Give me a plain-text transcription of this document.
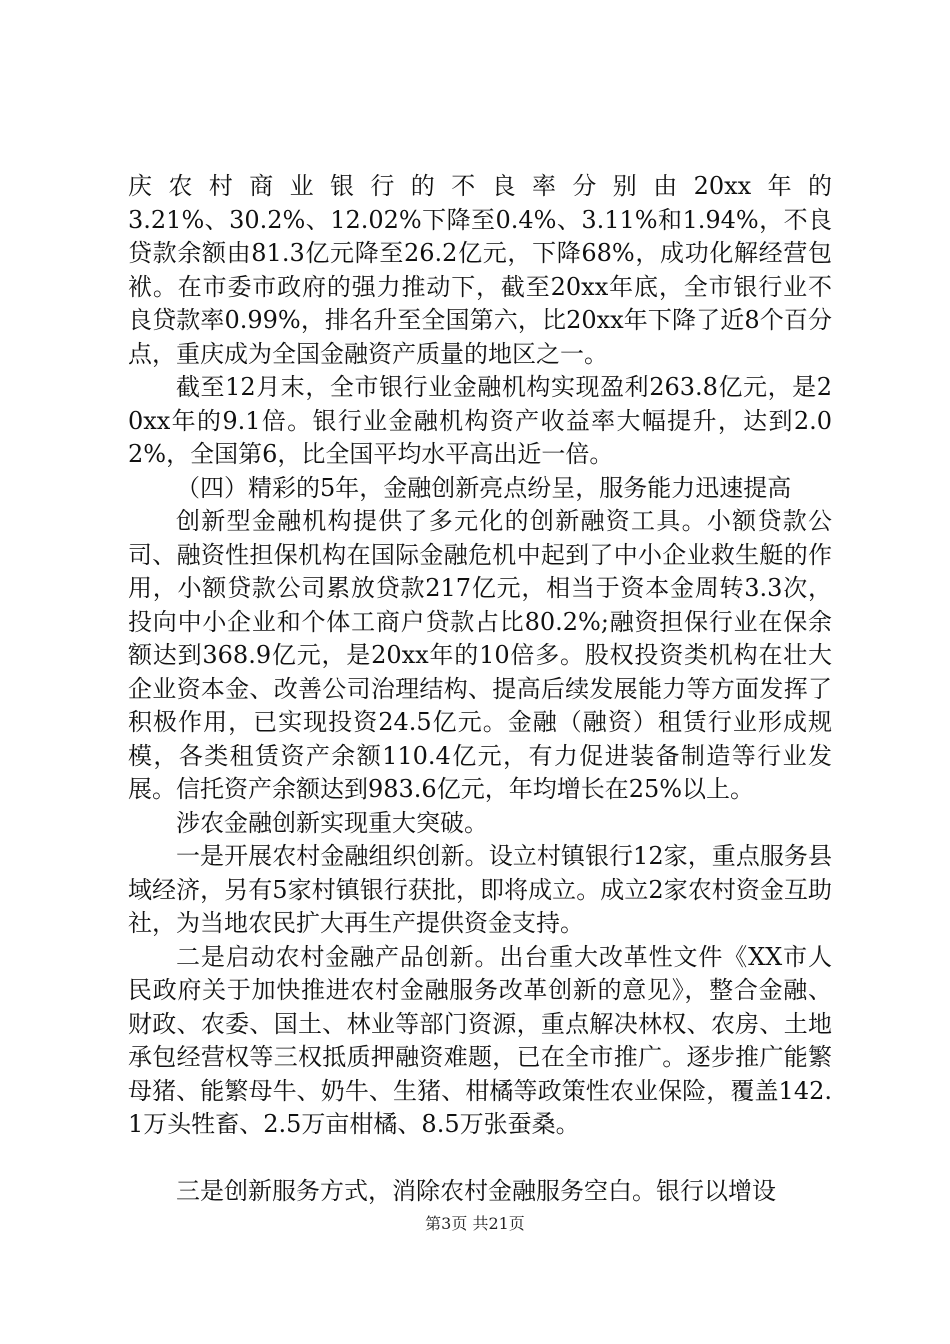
庆农村商业银行的不良率分别由20xx年的
3.21%、30.2%、12.02%下降至0.4%、3.11%和1.94%，不良贷款余额由81.3亿元降至26.2亿元，下降68%，成功化解经营包袱。在市委市政府的强力推动下，截至20xx年底，全市银行业不良贷款率0.99%，排名升至全国第六，比20xx年下降了近8个百分点，重庆成为全国金融资产质量的地区之一。

截至12月末，全市银行业金融机构实现盈利263.8亿元，是20xx年的9.1倍。银行业金融机构资产收益率大幅提升，达到2.02%，全国第6，比全国平均水平高出近一倍。

（四）精彩的5年，金融创新亮点纷呈，服务能力迅速提高

创新型金融机构提供了多元化的创新融资工具。小额贷款公司、融资性担保机构在国际金融危机中起到了中小企业救生艇的作用，小额贷款公司累放贷款217亿元，相当于资本金周转3.3次，投向中小企业和个体工商户贷款占比80.2%;融资担保行业在保余额达到368.9亿元，是20xx年的10倍多。股权投资类机构在壮大企业资本金、改善公司治理结构、提高后续发展能力等方面发挥了积极作用，已实现投资24.5亿元。金融（融资）租赁行业形成规模，各类租赁资产余额110.4亿元，有力促进装备制造等行业发展。信托资产余额达到983.6亿元，年均增长在25%以上。

涉农金融创新实现重大突破。

一是开展农村金融组织创新。设立村镇银行12家，重点服务县域经济，另有5家村镇银行获批，即将成立。成立2家农村资金互助社，为当地农民扩大再生产提供资金支持。

二是启动农村金融产品创新。出台重大改革性文件《XX市人民政府关于加快推进农村金融服务改革创新的意见》，整合金融、财政、农委、国土、林业等部门资源，重点解决林权、农房、土地承包经营权等三权抵质押融资难题，已在全市推广。逐步推广能繁母猪、能繁母牛、奶牛、生猪、柑橘等政策性农业保险，覆盖142.1万头牲畜、2.5万亩柑橘、8.5万张蚕桑。

三是创新服务方式，消除农村金融服务空白。银行以增设

第3页 共21页
